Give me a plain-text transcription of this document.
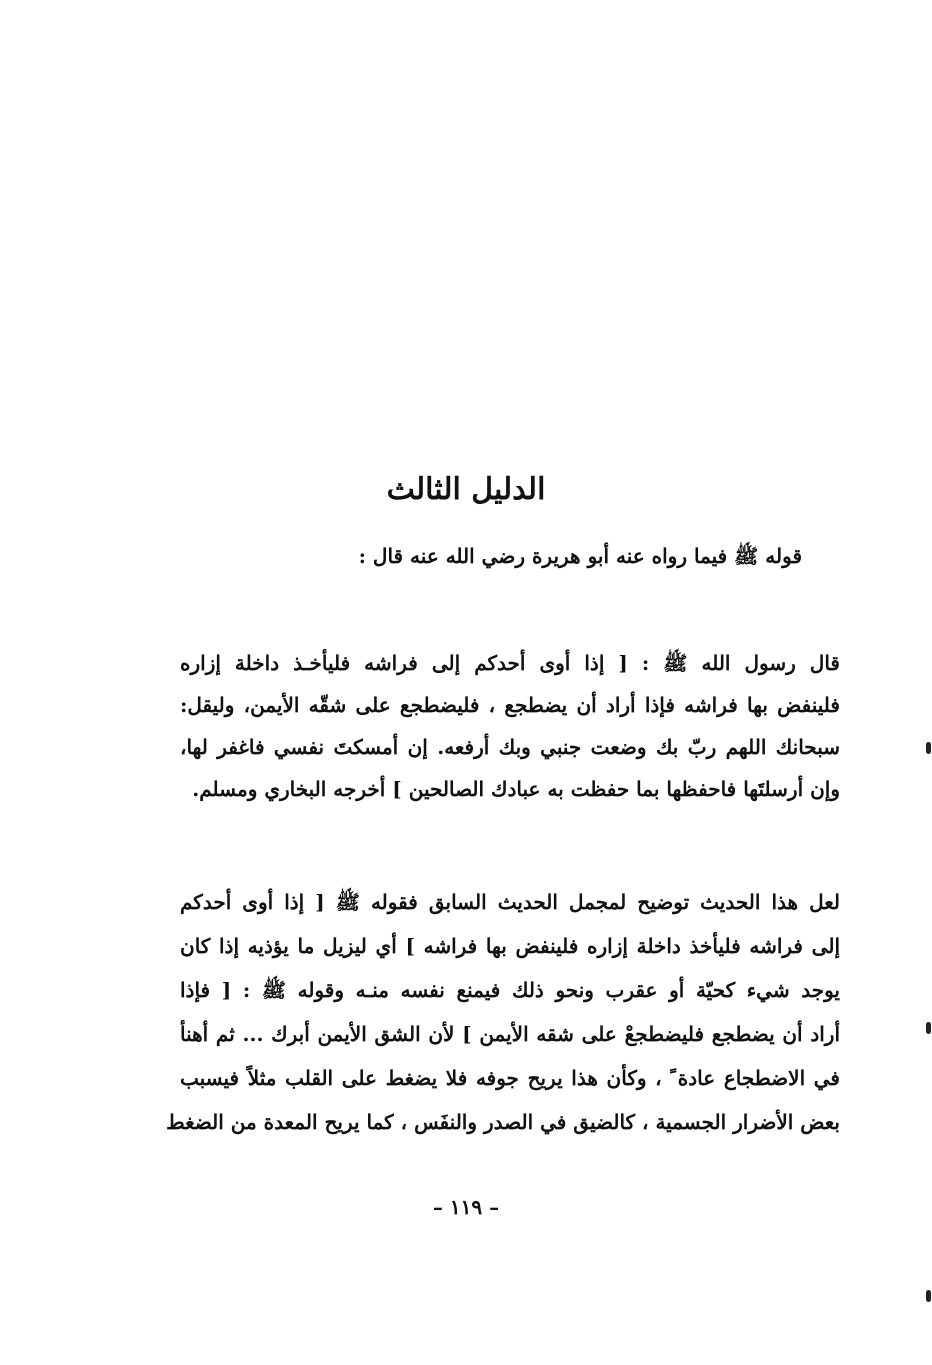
الدليل الثالث

قوله ﷺ فيما رواه عنه أبو هريرة رضي الله عنه قال :

قال رسول الله ﷺ : [ إذا أوى أحدكم إلى فراشه فليأخـذ داخلة إزاره
فلينفض بها فراشه فإذا أراد أن يضطجع ، فليضطجع على شقّه الأيمن، وليقل:
سبحانك اللهم ربّ بك وضعت جنبي وبك أرفعه. إن أمسكتَ نفسي فاغفر لها،
وإن أرسلتَها فاحفظها بما حفظت به عبادك الصالحين ] أخرجه البخاري ومسلم.
لعل هذا الحديث توضيح لمجمل الحديث السابق فقوله ﷺ [ إذا أوى أحدكم
إلى فراشه فليأخذ داخلة إزاره فلينفض بها فراشه ] أي ليزيل ما يؤذيه إذا كان
يوجد شيء كحيّة أو عقرب ونحو ذلك فيمنع نفسه منـه وقوله ﷺ : [ فإذا
أراد أن يضطجع فليضطجعْ على شقه الأيمن ] لأن الشق الأيمن أبرك ... ثم أهنأ
في الاضطجاع عادة ً ، وكأن هذا يريح جوفه فلا يضغط على القلب مثلاً فيسبب
بعض الأضرار الجسمية ، كالضيق في الصدر والنفَس ، كما يريح المعدة من الضغط
– ١١٩ –
